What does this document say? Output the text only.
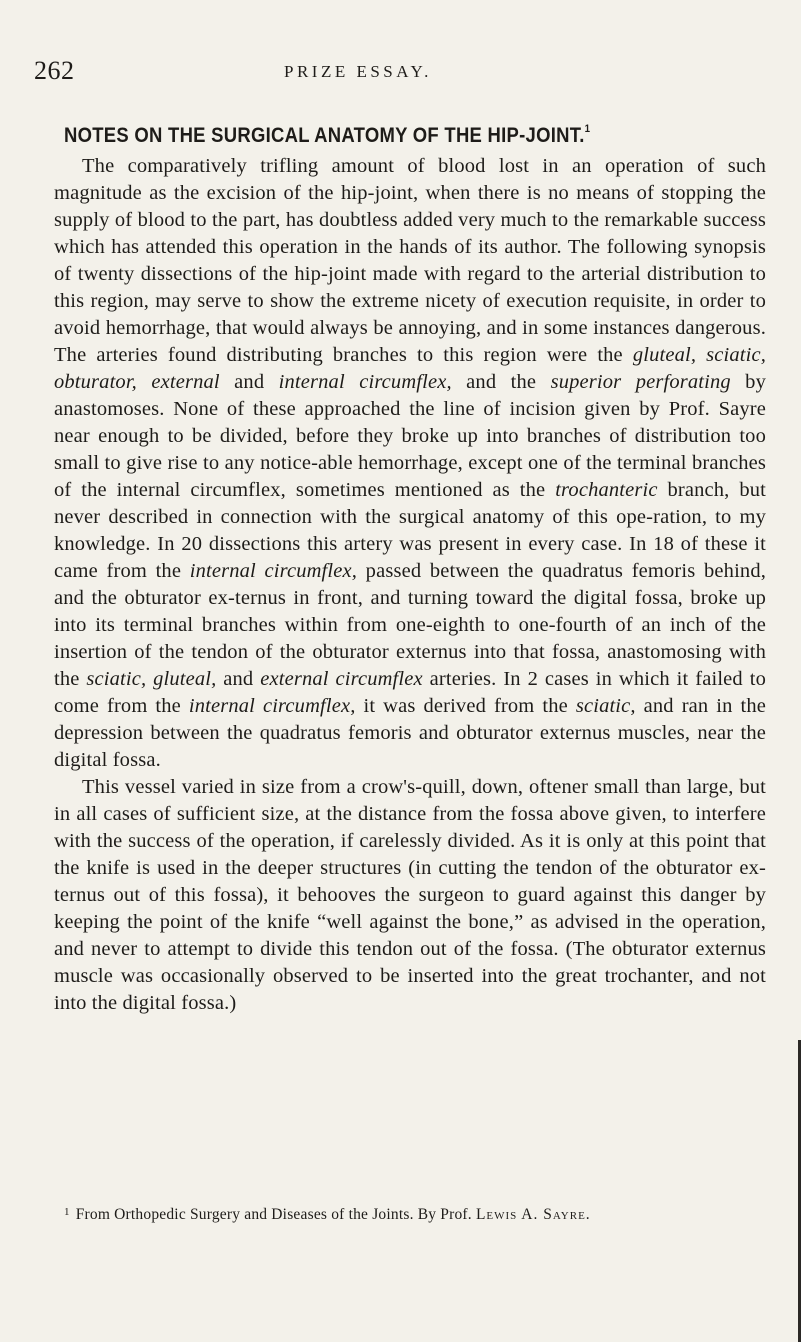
262	PRIZE ESSAY.
NOTES ON THE SURGICAL ANATOMY OF THE HIP-JOINT.$^1$

The comparatively trifling amount of blood lost in an operation of such magnitude as the excision of the hip-joint, when there is no means of stopping the supply of blood to the part, has doubtless added very much to the remarkable success which has attended this operation in the hands of its author. The following synopsis of twenty dissections of the hip-joint made with regard to the arterial distribution to this region, may serve to show the extreme nicety of execution requisite, in order to avoid hemorrhage, that would always be annoying, and in some instances dangerous. The arteries found distributing branches to this region were the gluteal, sciatic, obturator, external and internal circumflex, and the superior perforating by anastomoses. None of these approached the line of incision given by Prof. Sayre near enough to be divided, before they broke up into branches of distribution too small to give rise to any notice-able hemorrhage, except one of the terminal branches of the internal circumflex, sometimes mentioned as the trochanteric branch, but never described in connection with the surgical anatomy of this ope-ration, to my knowledge. In 20 dissections this artery was present in every case. In 18 of these it came from the internal circumflex, passed between the quadratus femoris behind, and the obturator ex-ternus in front, and turning toward the digital fossa, broke up into its terminal branches within from one-eighth to one-fourth of an inch of the insertion of the tendon of the obturator externus into that fossa, anastomosing with the sciatic, gluteal, and external circumflex arteries. In 2 cases in which it failed to come from the internal circumflex, it was derived from the sciatic, and ran in the depression between the quadratus femoris and obturator externus muscles, near the digital fossa.

This vessel varied in size from a crow's-quill, down, oftener small than large, but in all cases of sufficient size, at the distance from the fossa above given, to interfere with the success of the operation, if carelessly divided. As it is only at this point that the knife is used in the deeper structures (in cutting the tendon of the obturator ex-ternus out of this fossa), it behooves the surgeon to guard against this danger by keeping the point of the knife “well against the bone,” as advised in the operation, and never to attempt to divide this tendon out of the fossa. (The obturator externus muscle was occasionally observed to be inserted into the great trochanter, and not into the digital fossa.)

$^1$ From Orthopedic Surgery and Diseases of the Joints. By Prof. Lewis A. Sayre.
